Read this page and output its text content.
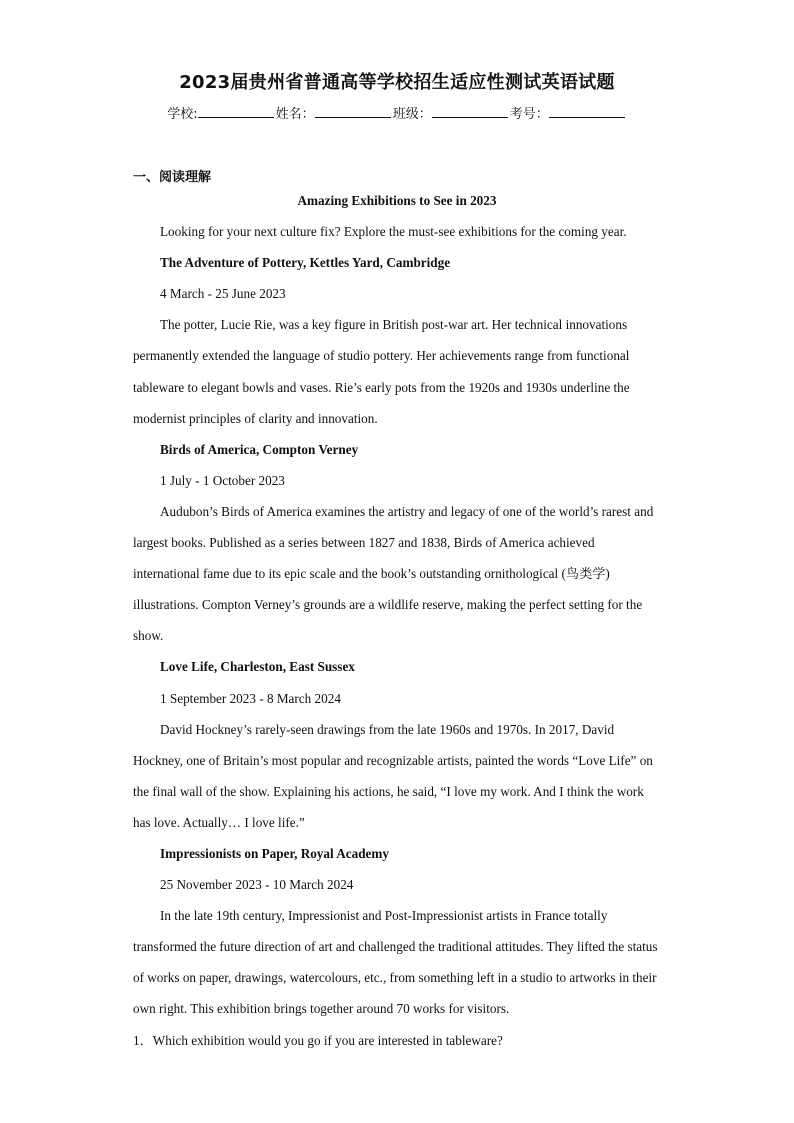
2023届贵州省普通高等学校招生适应性测试英语试题
学校:	姓名：	班级：	考号：
一、阅读理解

Amazing Exhibitions to See in 2023

Looking for your next culture fix? Explore the must-see exhibitions for the coming year.

The Adventure of Pottery, Kettles Yard, Cambridge

4 March - 25 June 2023

The potter, Lucie Rie, was a key figure in British post-war art. Her technical innovations permanently extended the language of studio pottery. Her achievements range from functional tableware to elegant bowls and vases. Rie’s early pots from the 1920s and 1930s underline the modernist principles of clarity and innovation.

Birds of America, Compton Verney

1 July - 1 October 2023

Audubon’s Birds of America examines the artistry and legacy of one of the world’s rarest and largest books. Published as a series between 1827 and 1838, Birds of America achieved international fame due to its epic scale and the book’s outstanding ornithological (鸟类学) illustrations. Compton Verney’s grounds are a wildlife reserve, making the perfect setting for the show.

Love Life, Charleston, East Sussex

1 September 2023 - 8 March 2024

David Hockney’s rarely-seen drawings from the late 1960s and 1970s. In 2017, David Hockney, one of Britain’s most popular and recognizable artists, painted the words “Love Life” on the final wall of the show. Explaining his actions, he said, “I love my work. And I think the work has love. Actually… I love life.”

Impressionists on Paper, Royal Academy

25 November 2023 - 10 March 2024

In the late 19th century, Impressionist and Post-Impressionist artists in France totally transformed the future direction of art and challenged the traditional attitudes. They lifted the status of works on paper, drawings, watercolours, etc., from something left in a studio to artworks in their own right. This exhibition brings together around 70 works for visitors.

1．Which exhibition would you go if you are interested in tableware?
